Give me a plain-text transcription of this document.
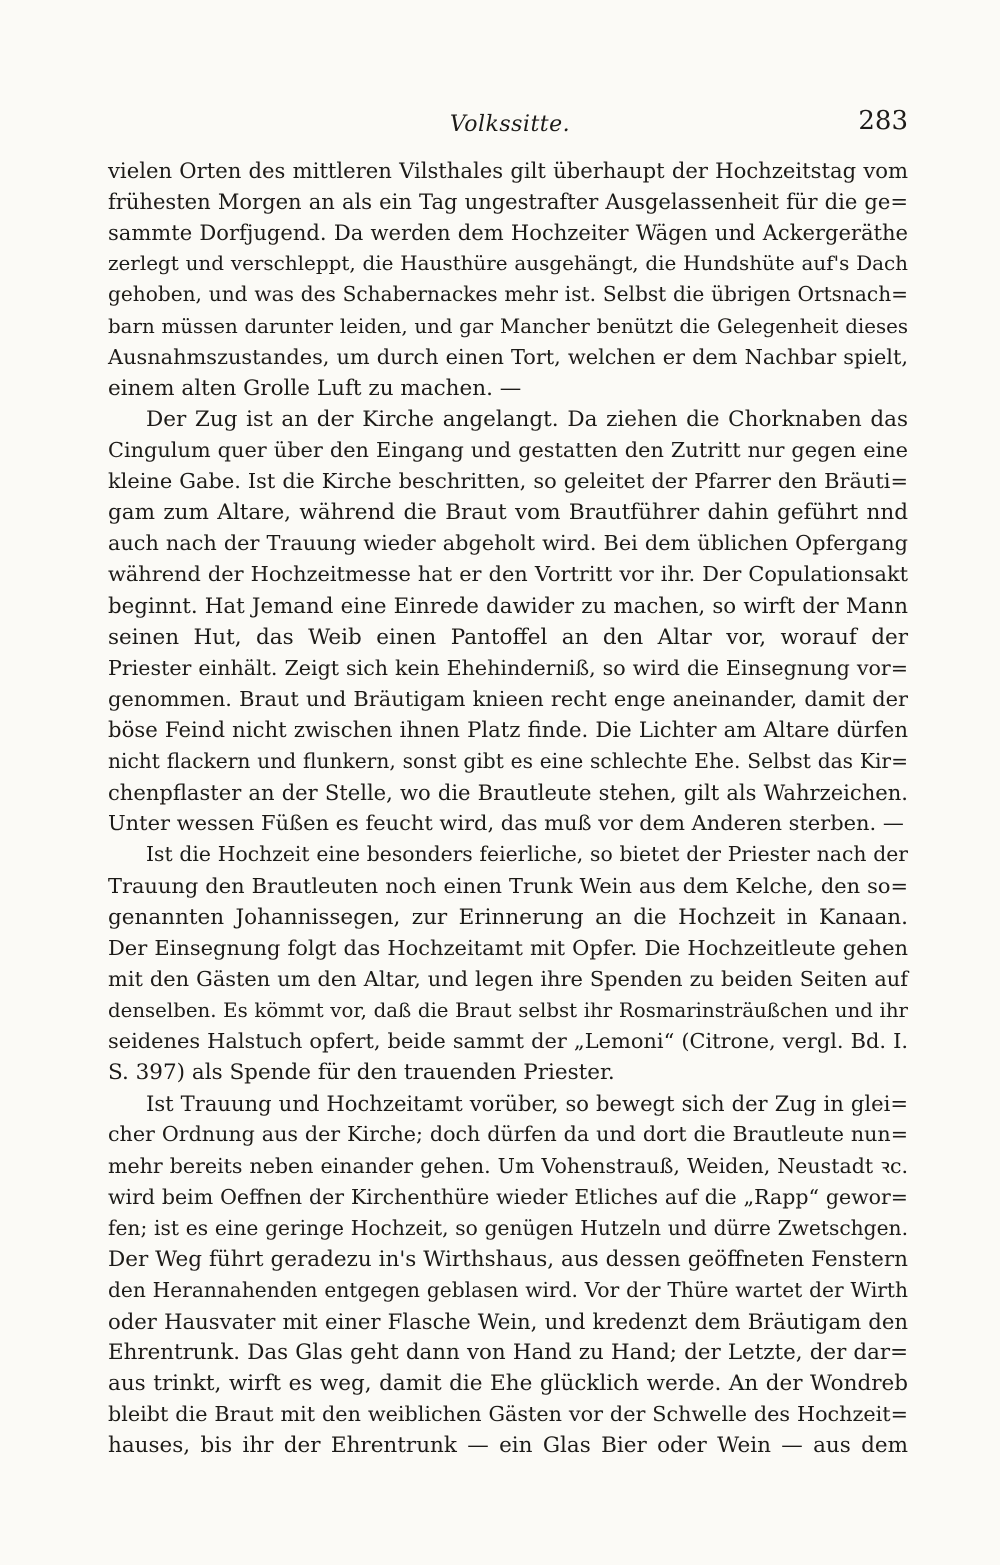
Volkssitte.	283
vielen Orten des mittleren Vilsthales gilt überhaupt der Hochzeitstag vom
frühesten Morgen an als ein Tag ungestrafter Ausgelassenheit für die ge=
sammte Dorfjugend. Da werden dem Hochzeiter Wägen und Ackergeräthe
zerlegt und verschleppt, die Hausthüre ausgehängt, die Hundshüte auf's Dach
gehoben, und was des Schabernackes mehr ist. Selbst die übrigen Ortsnach=
barn müssen darunter leiden, und gar Mancher benützt die Gelegenheit dieses
Ausnahmszustandes, um durch einen Tort, welchen er dem Nachbar spielt,
einem alten Grolle Luft zu machen. —
Der Zug ist an der Kirche angelangt. Da ziehen die Chorknaben das
Cingulum quer über den Eingang und gestatten den Zutritt nur gegen eine
kleine Gabe. Ist die Kirche beschritten, so geleitet der Pfarrer den Bräuti=
gam zum Altare, während die Braut vom Brautführer dahin geführt nnd
auch nach der Trauung wieder abgeholt wird. Bei dem üblichen Opfergang
während der Hochzeitmesse hat er den Vortritt vor ihr. Der Copulationsakt
beginnt. Hat Jemand eine Einrede dawider zu machen, so wirft der Mann
seinen Hut, das Weib einen Pantoffel an den Altar vor, worauf der
Priester einhält. Zeigt sich kein Ehehinderniß, so wird die Einsegnung vor=
genommen. Braut und Bräutigam knieen recht enge aneinander, damit der
böse Feind nicht zwischen ihnen Platz finde. Die Lichter am Altare dürfen
nicht flackern und flunkern, sonst gibt es eine schlechte Ehe. Selbst das Kir=
chenpflaster an der Stelle, wo die Brautleute stehen, gilt als Wahrzeichen.
Unter wessen Füßen es feucht wird, das muß vor dem Anderen sterben. —
Ist die Hochzeit eine besonders feierliche, so bietet der Priester nach der
Trauung den Brautleuten noch einen Trunk Wein aus dem Kelche, den so=
genannten Johannissegen, zur Erinnerung an die Hochzeit in Kanaan.
Der Einsegnung folgt das Hochzeitamt mit Opfer. Die Hochzeitleute gehen
mit den Gästen um den Altar, und legen ihre Spenden zu beiden Seiten auf
denselben. Es kömmt vor, daß die Braut selbst ihr Rosmarinsträußchen und ihr
seidenes Halstuch opfert, beide sammt der „Lemoni“ (Citrone, vergl. Bd. I.
S. 397) als Spende für den trauenden Priester.
Ist Trauung und Hochzeitamt vorüber, so bewegt sich der Zug in glei=
cher Ordnung aus der Kirche; doch dürfen da und dort die Brautleute nun=
mehr bereits neben einander gehen. Um Vohenstrauß, Weiden, Neustadt ꝛc.
wird beim Oeffnen der Kirchenthüre wieder Etliches auf die „Rapp“ gewor=
fen; ist es eine geringe Hochzeit, so genügen Hutzeln und dürre Zwetschgen.
Der Weg führt geradezu in's Wirthshaus, aus dessen geöffneten Fenstern
den Herannahenden entgegen geblasen wird. Vor der Thüre wartet der Wirth
oder Hausvater mit einer Flasche Wein, und kredenzt dem Bräutigam den
Ehrentrunk. Das Glas geht dann von Hand zu Hand; der Letzte, der dar=
aus trinkt, wirft es weg, damit die Ehe glücklich werde. An der Wondreb
bleibt die Braut mit den weiblichen Gästen vor der Schwelle des Hochzeit=
hauses, bis ihr der Ehrentrunk — ein Glas Bier oder Wein — aus dem
